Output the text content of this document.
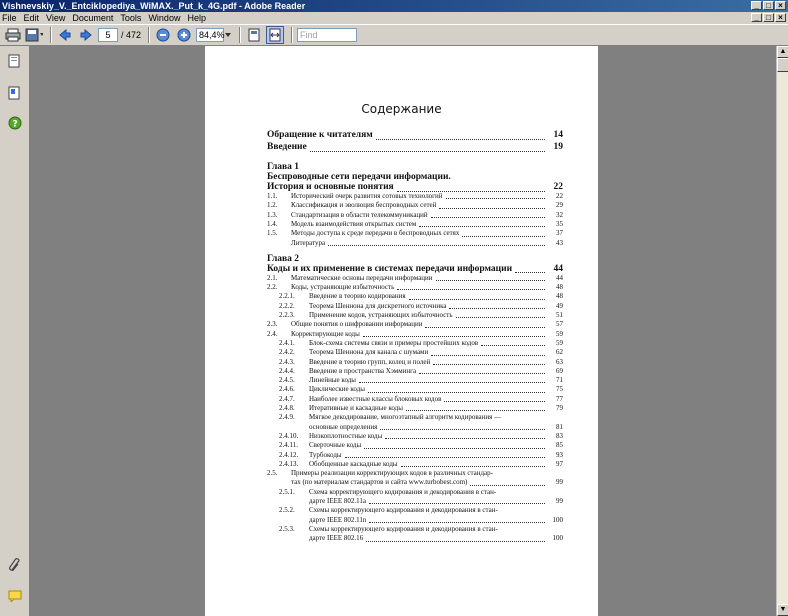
Vishnevskiy_V._Entciklopediya_WiMAX._Put_k_4G.pdf - Adobe Reader	_ □ ×
File Edit View Document Tools Window Help	_ □ ×
5	/ 472	84,4%	Find
?
Содержание
Обращение к читателям	14
Введение	19
Глава 1
Беспроводные сети передачи информации.
История и основные понятия	22
1.1. Исторический очерк развития сотовых технологий	22
1.2. Классификация и эволюция беспроводных сетей	29
1.3. Стандартизация в области телекоммуникаций	32
1.4. Модель взаимодействия открытых систем	35
1.5. Методы доступа к среде передачи в беспроводных сетях	37
Литература	43
Глава 2
Коды и их применение в системах передачи информации	44
2.1. Математические основы передачи информации	44
2.2. Коды, устраняющие избыточность	48
2.2.1. Введение в теорию кодирования	48
2.2.2. Теорема Шеннона для дискретного источника	49
2.2.3. Применение кодов, устраняющих избыточность	51
2.3. Общие понятия о шифровании информации	57
2.4. Корректирующие коды	59
2.4.1. Блок-схема системы связи и примеры простейших кодов	59
2.4.2. Теорема Шеннона для канала с шумами	62
2.4.3. Введение в теорию групп, колец и полей	63
2.4.4. Введение в пространства Хэмминга	69
2.4.5. Линейные коды	71
2.4.6. Циклические коды	75
2.4.7. Наиболее известные классы блоковых кодов	77
2.4.8. Итеративные и каскадные коды	79
2.4.9. Мягкое декодирование, многоэтапный алгоритм кодирования —
основные определения	81
2.4.10. Низкоплотностные коды	83
2.4.11. Сверточные коды	85
2.4.12. Турбокоды	93
2.4.13. Обобщенные каскадные коды	97
2.5. Примеры реализации корректирующих кодов в различных стандар-
тах (по материалам стандартов и сайта www.turbobest.com)	99
2.5.1. Схема корректирующего кодирования и декодирования в стан-
дарте IEEE 802.11a	99
2.5.2. Схемы корректирующего кодирования и декодирования в стан-
дарте IEEE 802.11n	100
2.5.3. Схемы корректирующего кодирования и декодирования в стан-
дарте IEEE 802.16	100
▲
▼
